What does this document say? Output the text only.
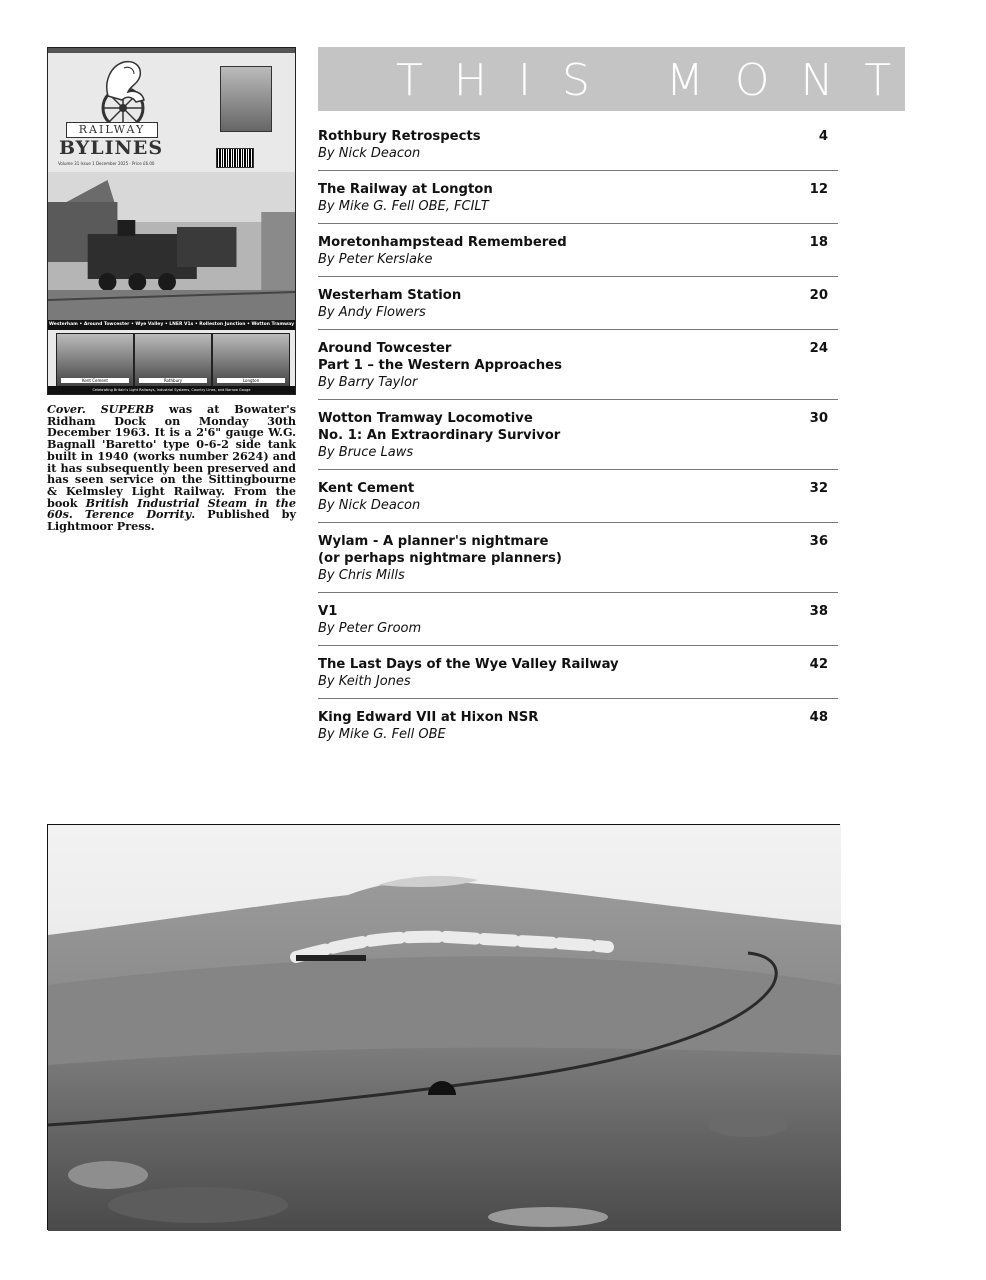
RAILWAY
BYLINES
Volume 31 Issue 1 December 2025 · Price £6.00
Westerham • Around Towcester • Wye Valley • LNER V1s • Rolleston Junction • Wotton Tramway
Kent Cement	Rothbury	Longton
Celebrating Britain's Light Railways, Industrial Systems, Country Lines, and Narrow Gauge
Cover. SUPERB was at Bowater's Ridham Dock on Monday 30th December 1963. It is a 2'6" gauge W.G. Bagnall 'Baretto' type 0-6-2 side tank built in 1940 (works number 2624) and it has subsequently been preserved and has seen service on the Sittingbourne & Kelmsley Light Railway. From the book British Industrial Steam in the 60s. Terence Dorrity. Published by Lightmoor Press.
THIS MONTH
Rothbury Retrospects
By Nick Deacon
4
The Railway at Longton
By Mike G. Fell OBE, FCILT
12
Moretonhampstead Remembered
By Peter Kerslake
18
Westerham Station
By Andy Flowers
20
Around Towcester
Part 1 – the Western Approaches
By Barry Taylor
24
Wotton Tramway Locomotive
No. 1: An Extraordinary Survivor
By Bruce Laws
30
Kent Cement
By Nick Deacon
32
Wylam - A planner's nightmare
(or perhaps nightmare planners)
By Chris Mills
36
V1
By Peter Groom
38
The Last Days of the Wye Valley Railway
By Keith Jones
42
King Edward VII at Hixon NSR
By Mike G. Fell OBE
48
